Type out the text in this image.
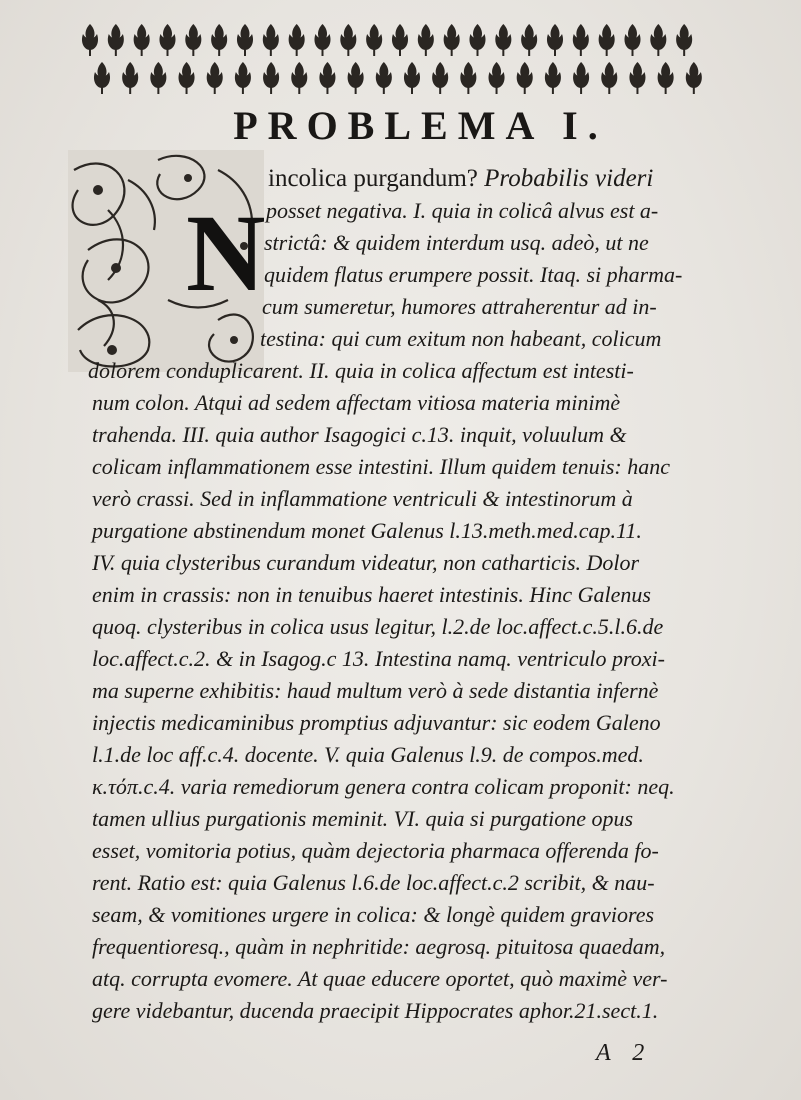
PROBLEMA I.
N
incolica purgandum? Probabilis videri
posset negativa. I. quia in colicâ alvus est a-
strictâ: & quidem interdum usq. adeò, ut ne
quidem flatus erumpere possit. Itaq. si pharma-
cum sumeretur, humores attraherentur ad in-
testina: qui cum exitum non habeant, colicum
dolorem conduplicarent. II. quia in colica affectum est intesti-
num colon. Atqui ad sedem affectam vitiosa materia minimè
trahenda. III. quia author Isagogici c.13. inquit, voluulum &
colicam inflammationem esse intestini. Illum quidem tenuis: hanc
verò crassi. Sed in inflammatione ventriculi & intestinorum à
purgatione abstinendum monet Galenus l.13.meth.med.cap.11.
IV. quia clysteribus curandum videatur, non catharticis. Dolor
enim in crassis: non in tenuibus haeret intestinis. Hinc Galenus
quoq. clysteribus in colica usus legitur, l.2.de loc.affect.c.5.l.6.de
loc.affect.c.2. & in Isagog.c 13. Intestina namq. ventriculo proxi-
ma superne exhibitis: haud multum verò à sede distantia infernè
injectis medicaminibus promptius adjuvantur: sic eodem Galeno
l.1.de loc aff.c.4. docente. V. quia Galenus l.9. de compos.med.
κ.τόπ.c.4. varia remediorum genera contra colicam proponit: neq.
tamen ullius purgationis meminit. VI. quia si purgatione opus
esset, vomitoria potius, quàm dejectoria pharmaca offerenda fo-
rent. Ratio est: quia Galenus l.6.de loc.affect.c.2 scribit, & nau-
seam, & vomitiones urgere in colica: & longè quidem graviores
frequentioresq., quàm in nephritide: aegrosq. pituitosa quaedam,
atq. corrupta evomere. At quae educere oportet, quò maximè ver-
gere videbantur, ducenda praecipit Hippocrates aphor.21.sect.1.
A 2
